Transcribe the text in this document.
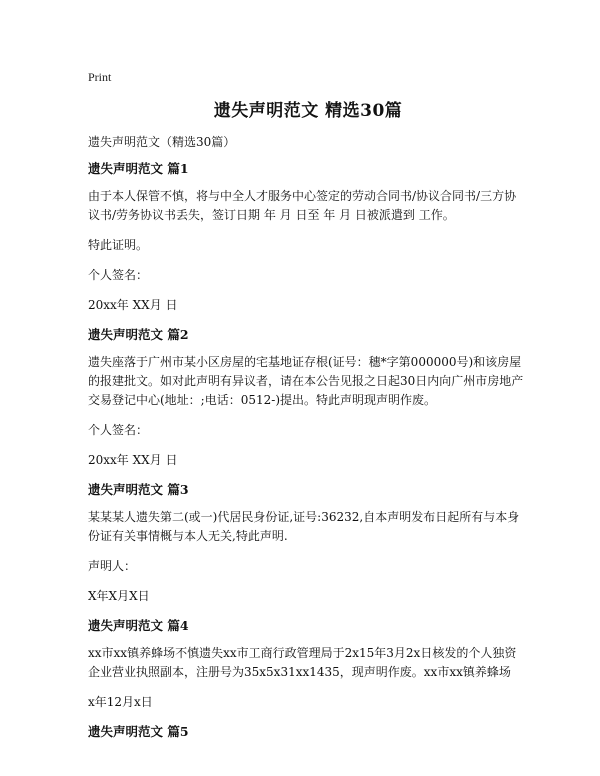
Print
遗失声明范文 精选30篇
遗失声明范文（精选30篇）
遗失声明范文 篇1
由于本人保管不慎，将与中全人才服务中心签定的劳动合同书/协议合同书/三方协议书/劳务协议书丢失，签订日期 年 月 日至 年 月 日被派遣到 工作。
特此证明。
个人签名：
20xx年 XX月 日
遗失声明范文 篇2
遗失座落于广州市某小区房屋的宅基地证存根(证号：穗*字第000000号)和该房屋的报建批文。如对此声明有异议者，请在本公告见报之日起30日内向广州市房地产交易登记中心(地址：;电话：0512-)提出。特此声明现声明作废。
个人签名：
20xx年 XX月 日
遗失声明范文 篇3
某某某人遗失第二(或一)代居民身份证,证号:36232,自本声明发布日起所有与本身份证有关事情概与本人无关,特此声明.
声明人：
X年X月X日
遗失声明范文 篇4
xx市xx镇养蜂场不慎遗失xx市工商行政管理局于2x15年3月2x日核发的个人独资企业营业执照副本，注册号为35x5x31xx1435，现声明作废。xx市xx镇养蜂场
x年12月x日
遗失声明范文 篇5
